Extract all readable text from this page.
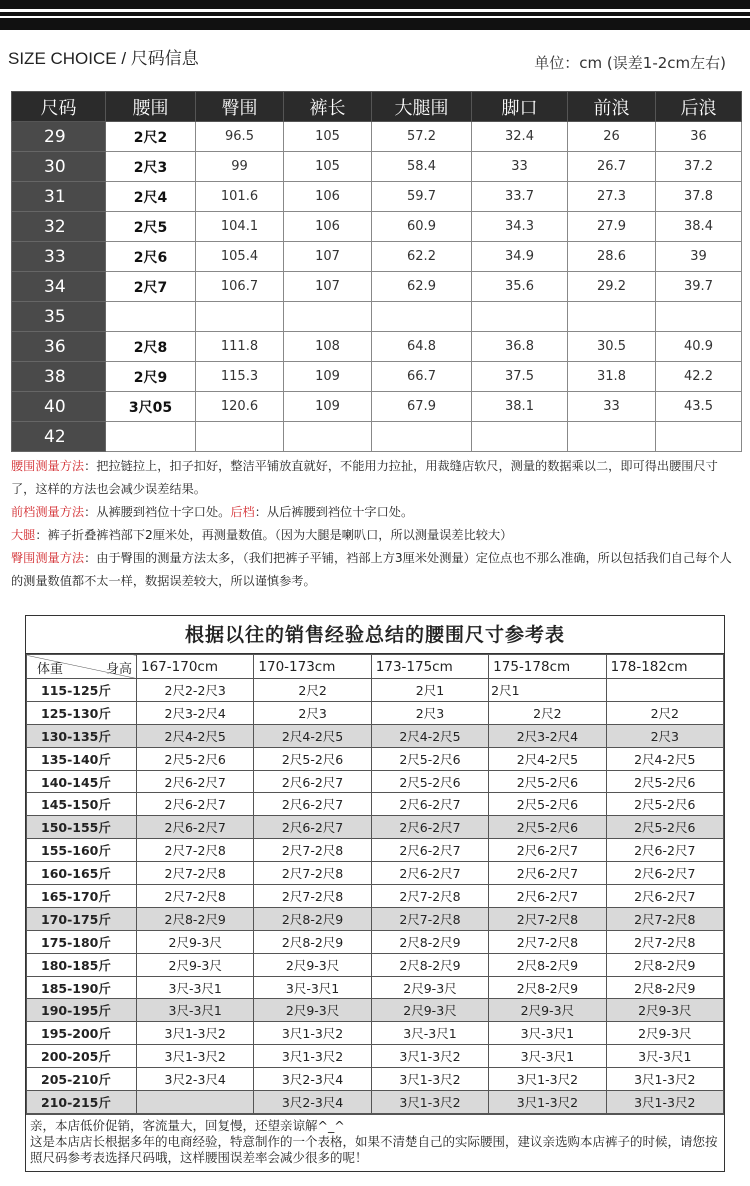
SIZE CHOICE / 尺码信息	单位：cm (误差1-2cm左右)
尺码	腰围	臀围	裤长	大腿围	脚口	前浪	后浪
29	2尺2	96.5	105	57.2	32.4	26	36
30	2尺3	99	105	58.4	33	26.7	37.2
31	2尺4	101.6	106	59.7	33.7	27.3	37.8
32	2尺5	104.1	106	60.9	34.3	27.9	38.4
33	2尺6	105.4	107	62.2	34.9	28.6	39
34	2尺7	106.7	107	62.9	35.6	29.2	39.7
35							
36	2尺8	111.8	108	64.8	36.8	30.5	40.9
38	2尺9	115.3	109	66.7	37.5	31.8	42.2
40	3尺05	120.6	109	67.9	38.1	33	43.5
42							

腰围测量方法：把拉链拉上，扣子扣好，整洁平铺放直就好，不能用力拉扯，用裁缝店软尺，测量的数据乘以二，即可得出腰围尺寸了，这样的方法也会减少误差结果。

前档测量方法：从裤腰到裆位十字口处。后档：从后裤腰到裆位十字口处。

大腿：裤子折叠裤裆部下2厘米处，再测量数值。（因为大腿是喇叭口，所以测量误差比较大）

臀围测量方法：由于臀围的测量方法太多，（我们把裤子平铺，裆部上方3厘米处测量）定位点也不那么准确，所以包括我们自己每个人的测量数值都不太一样，数据误差较大，所以谨慎参考。

根据以往的销售经验总结的腰围尺寸参考表
体重 身高	167-170cm	170-173cm	173-175cm	175-178cm	178-182cm
115-125斤	2尺2-2尺3	2尺2	2尺1	2尺1	
125-130斤	2尺3-2尺4	2尺3	2尺3	2尺2	2尺2
130-135斤	2尺4-2尺5	2尺4-2尺5	2尺4-2尺5	2尺3-2尺4	2尺3
135-140斤	2尺5-2尺6	2尺5-2尺6	2尺5-2尺6	2尺4-2尺5	2尺4-2尺5
140-145斤	2尺6-2尺7	2尺6-2尺7	2尺5-2尺6	2尺5-2尺6	2尺5-2尺6
145-150斤	2尺6-2尺7	2尺6-2尺7	2尺6-2尺7	2尺5-2尺6	2尺5-2尺6
150-155斤	2尺6-2尺7	2尺6-2尺7	2尺6-2尺7	2尺5-2尺6	2尺5-2尺6
155-160斤	2尺7-2尺8	2尺7-2尺8	2尺6-2尺7	2尺6-2尺7	2尺6-2尺7
160-165斤	2尺7-2尺8	2尺7-2尺8	2尺6-2尺7	2尺6-2尺7	2尺6-2尺7
165-170斤	2尺7-2尺8	2尺7-2尺8	2尺7-2尺8	2尺6-2尺7	2尺6-2尺7
170-175斤	2尺8-2尺9	2尺8-2尺9	2尺7-2尺8	2尺7-2尺8	2尺7-2尺8
175-180斤	2尺9-3尺	2尺8-2尺9	2尺8-2尺9	2尺7-2尺8	2尺7-2尺8
180-185斤	2尺9-3尺	2尺9-3尺	2尺8-2尺9	2尺8-2尺9	2尺8-2尺9
185-190斤	3尺-3尺1	3尺-3尺1	2尺9-3尺	2尺8-2尺9	2尺8-2尺9
190-195斤	3尺-3尺1	2尺9-3尺	2尺9-3尺	2尺9-3尺	2尺9-3尺
195-200斤	3尺1-3尺2	3尺1-3尺2	3尺-3尺1	3尺-3尺1	2尺9-3尺
200-205斤	3尺1-3尺2	3尺1-3尺2	3尺1-3尺2	3尺-3尺1	3尺-3尺1
205-210斤	3尺2-3尺4	3尺2-3尺4	3尺1-3尺2	3尺1-3尺2	3尺1-3尺2
210-215斤		3尺2-3尺4	3尺1-3尺2	3尺1-3尺2	3尺1-3尺2

亲，本店低价促销，客流量大，回复慢，还望亲谅解^_^

这是本店店长根据多年的电商经验，特意制作的一个表格，如果不清楚自己的实际腰围，建议亲选购本店裤子的时候，请您按照尺码参考表选择尺码哦，这样腰围误差率会减少很多的呢！
